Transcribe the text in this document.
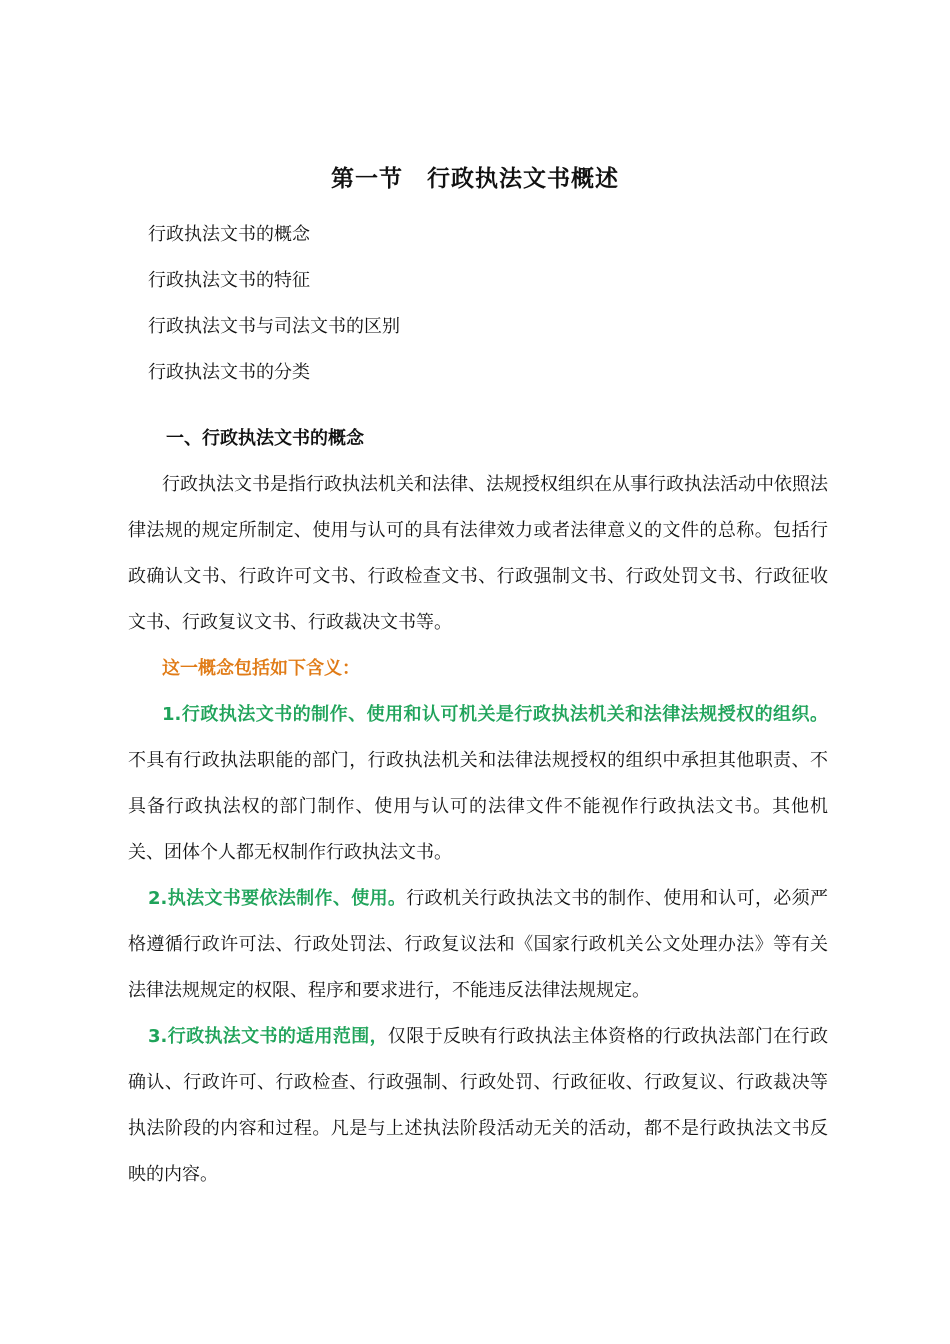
第一节　行政执法文书概述
行政执法文书的概念
行政执法文书的特征
行政执法文书与司法文书的区别
行政执法文书的分类
一、行政执法文书的概念

行政执法文书是指行政执法机关和法律、法规授权组织在从事行政执法活动中依照法律法规的规定所制定、使用与认可的具有法律效力或者法律意义的文件的总称。包括行政确认文书、行政许可文书、行政检查文书、行政强制文书、行政处罚文书、行政征收文书、行政复议文书、行政裁决文书等。

这一概念包括如下含义：

1.行政执法文书的制作、使用和认可机关是行政执法机关和法律法规授权的组织。不具有行政执法职能的部门，行政执法机关和法律法规授权的组织中承担其他职责、不具备行政执法权的部门制作、使用与认可的法律文件不能视作行政执法文书。其他机关、团体个人都无权制作行政执法文书。

2.执法文书要依法制作、使用。行政机关行政执法文书的制作、使用和认可，必须严格遵循行政许可法、行政处罚法、行政复议法和《国家行政机关公文处理办法》等有关法律法规规定的权限、程序和要求进行，不能违反法律法规规定。

3.行政执法文书的适用范围，仅限于反映有行政执法主体资格的行政执法部门在行政确认、行政许可、行政检查、行政强制、行政处罚、行政征收、行政复议、行政裁决等执法阶段的内容和过程。凡是与上述执法阶段活动无关的活动，都不是行政执法文书反映的内容。
